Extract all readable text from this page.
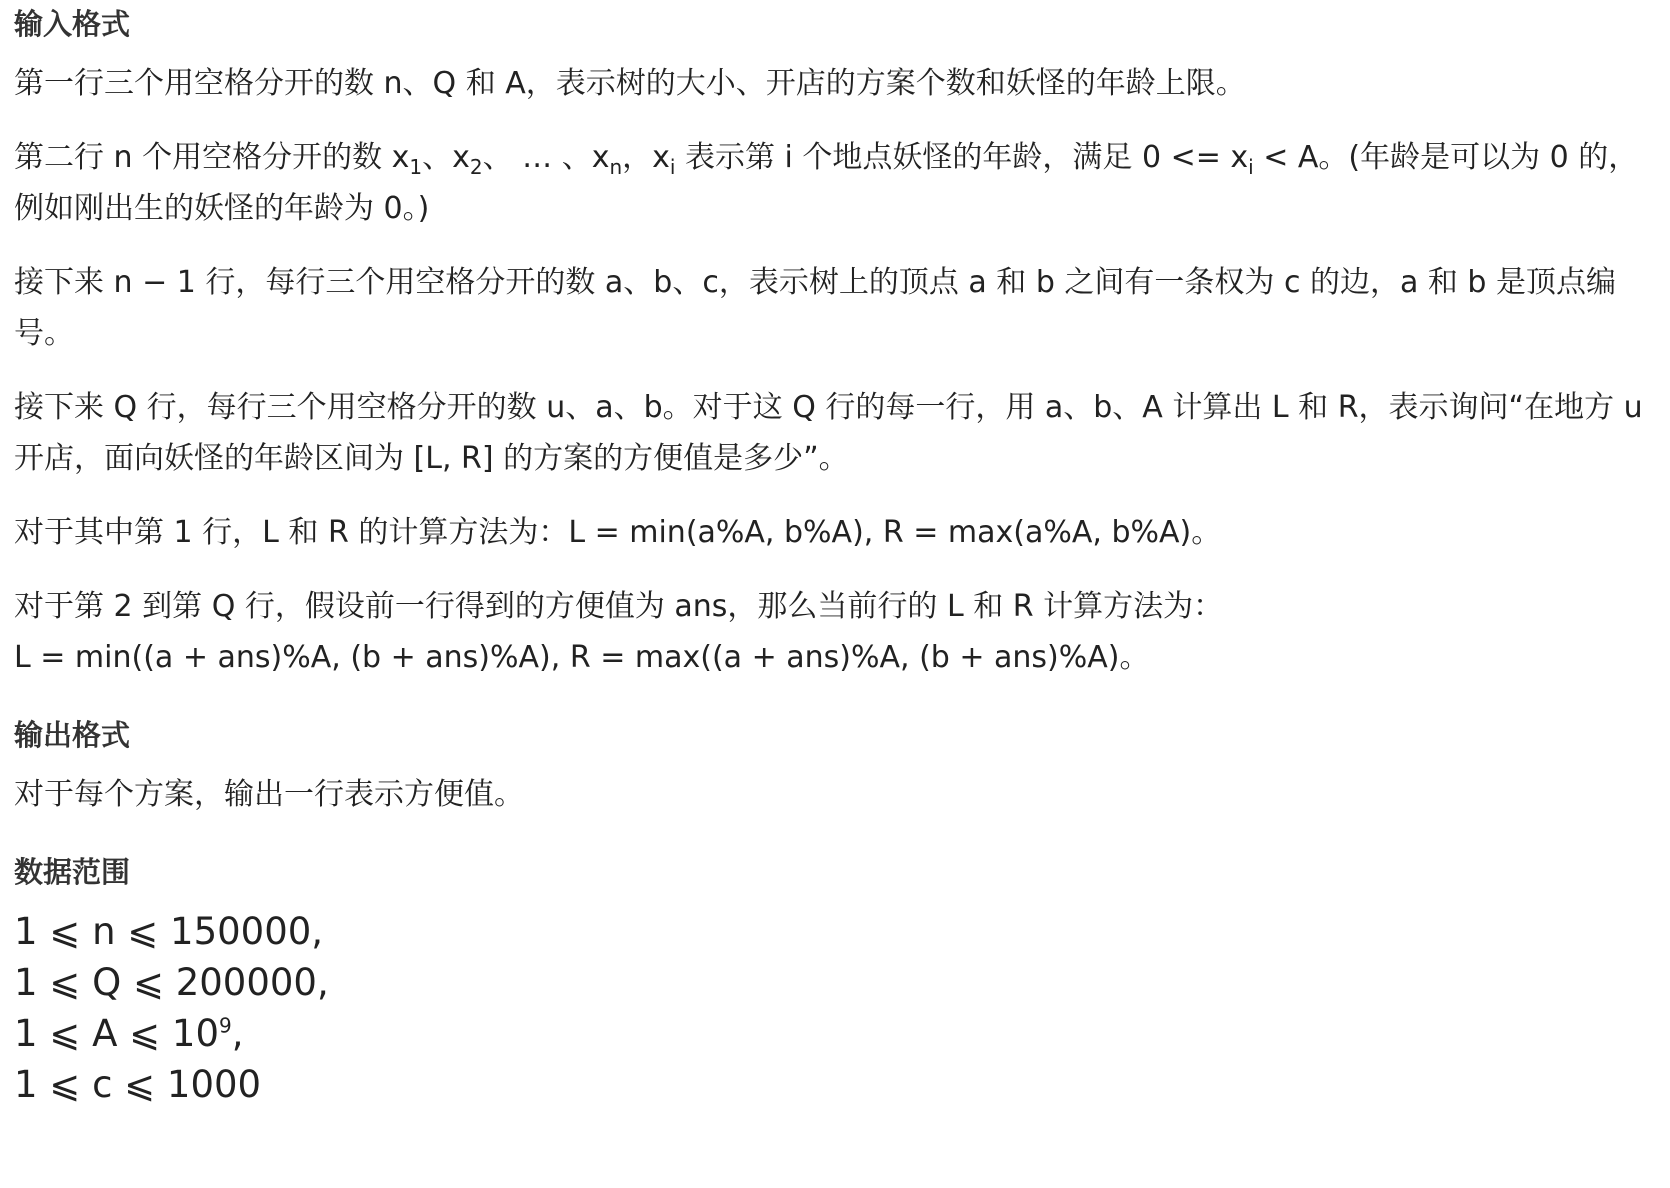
输入格式

第一行三个用空格分开的数 n、Q 和 A，表示树的大小、开店的方案个数和妖怪的年龄上限。

第二行 n 个用空格分开的数 $x_1$、$x_2$、 … 、$x_n$，$x_i$ 表示第 i 个地点妖怪的年龄，满足 $0 <= x_i < A$。(年龄是可以为 0 的，例如刚出生的妖怪的年龄为 0。)

接下来 n − 1 行，每行三个用空格分开的数 a、b、c，表示树上的顶点 a 和 b 之间有一条权为 c 的边，a 和 b 是顶点编号。

接下来 Q 行，每行三个用空格分开的数 u、a、b。对于这 Q 行的每一行，用 a、b、A 计算出 L 和 R，表示询问“在地方 u 开店，面向妖怪的年龄区间为 [L, R] 的方案的方便值是多少”。

对于其中第 1 行，L 和 R 的计算方法为：L = min(a%A, b%A), R = max(a%A, b%A)。

对于第 2 到第 Q 行，假设前一行得到的方便值为 ans，那么当前行的 L 和 R 计算方法为：
L = min((a + ans)%A, (b + ans)%A), R = max((a + ans)%A, (b + ans)%A)。

输出格式

对于每个方案，输出一行表示方便值。

数据范围
1 ⩽ n ⩽ 150000,
1 ⩽ Q ⩽ 200000,
1 ⩽ A ⩽ $10^9$,
1 ⩽ c ⩽ 1000
